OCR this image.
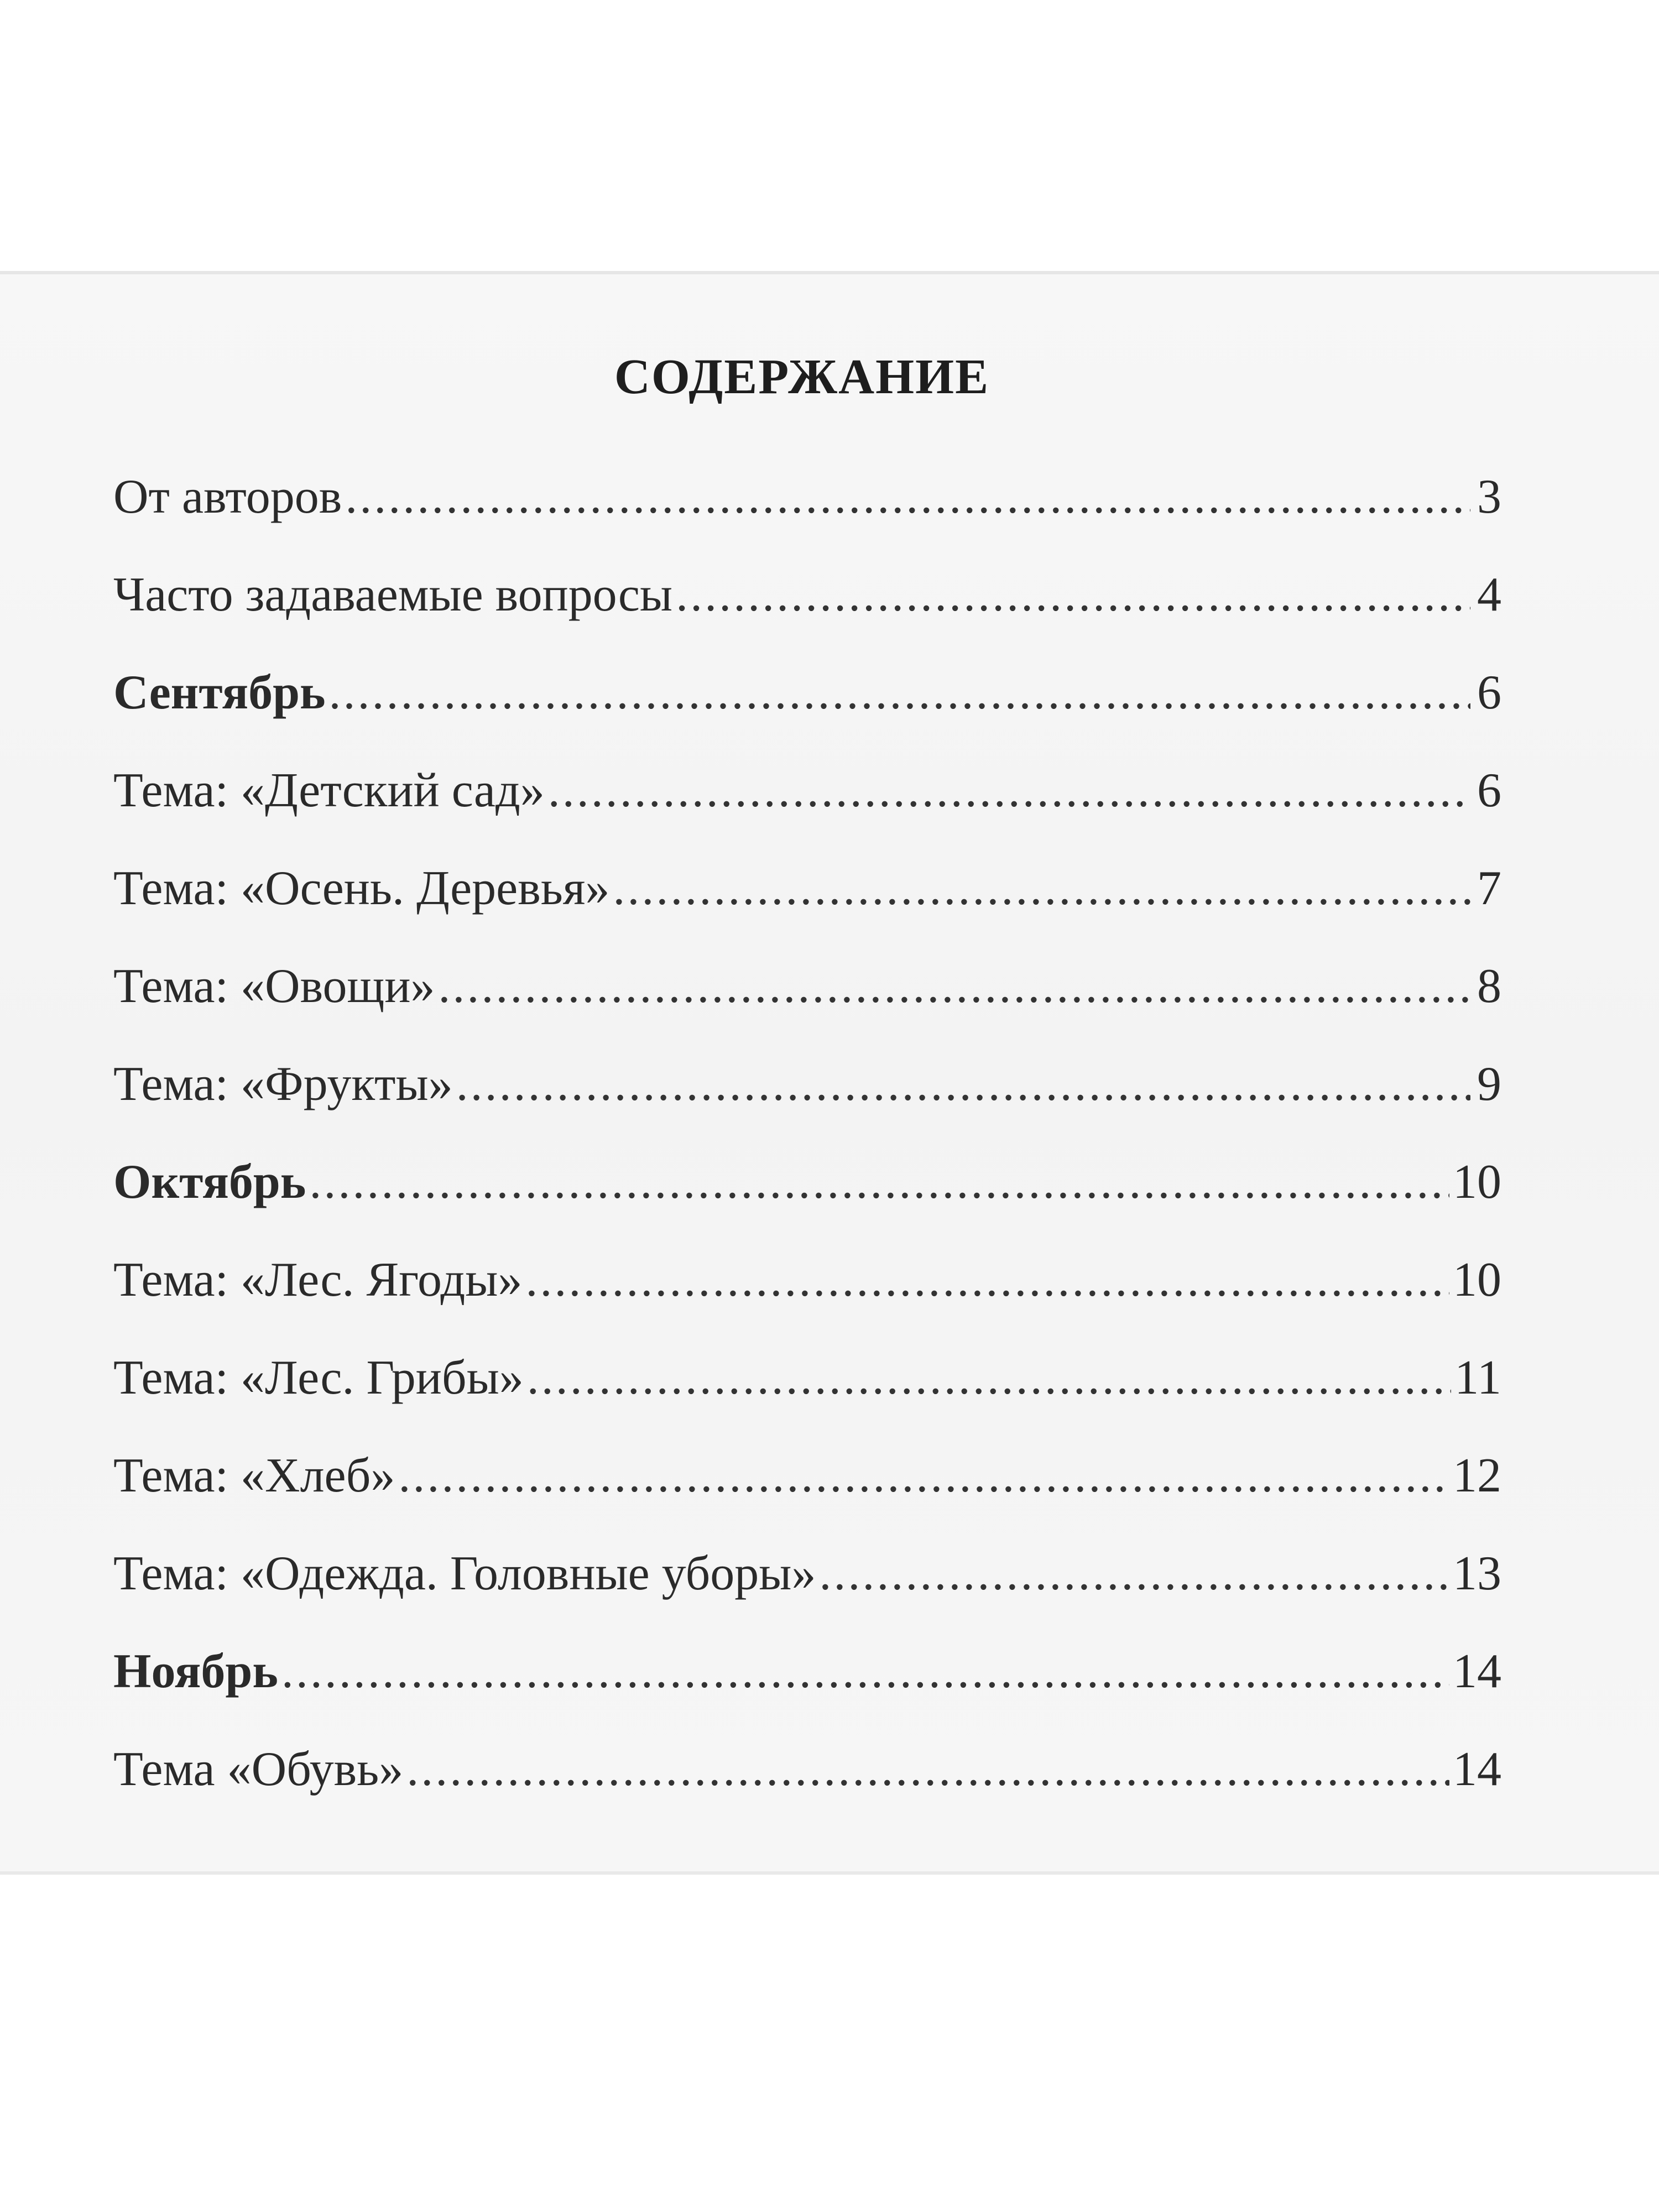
СОДЕРЖАНИЕ
От авторов .....	3
Часто задаваемые вопросы .....	4
Сентябрь .....	6
Тема: «Детский сад» .....	6
Тема: «Осень. Деревья» .....	7
Тема: «Овощи» .....	8
Тема: «Фрукты» .....	9
Октябрь .....	10
Тема: «Лес. Ягоды» .....	10
Тема: «Лес. Грибы» .....	11
Тема: «Хлеб» .....	12
Тема: «Одежда. Головные уборы» .....	13
Ноябрь .....	14
Тема «Обувь» .....	14
